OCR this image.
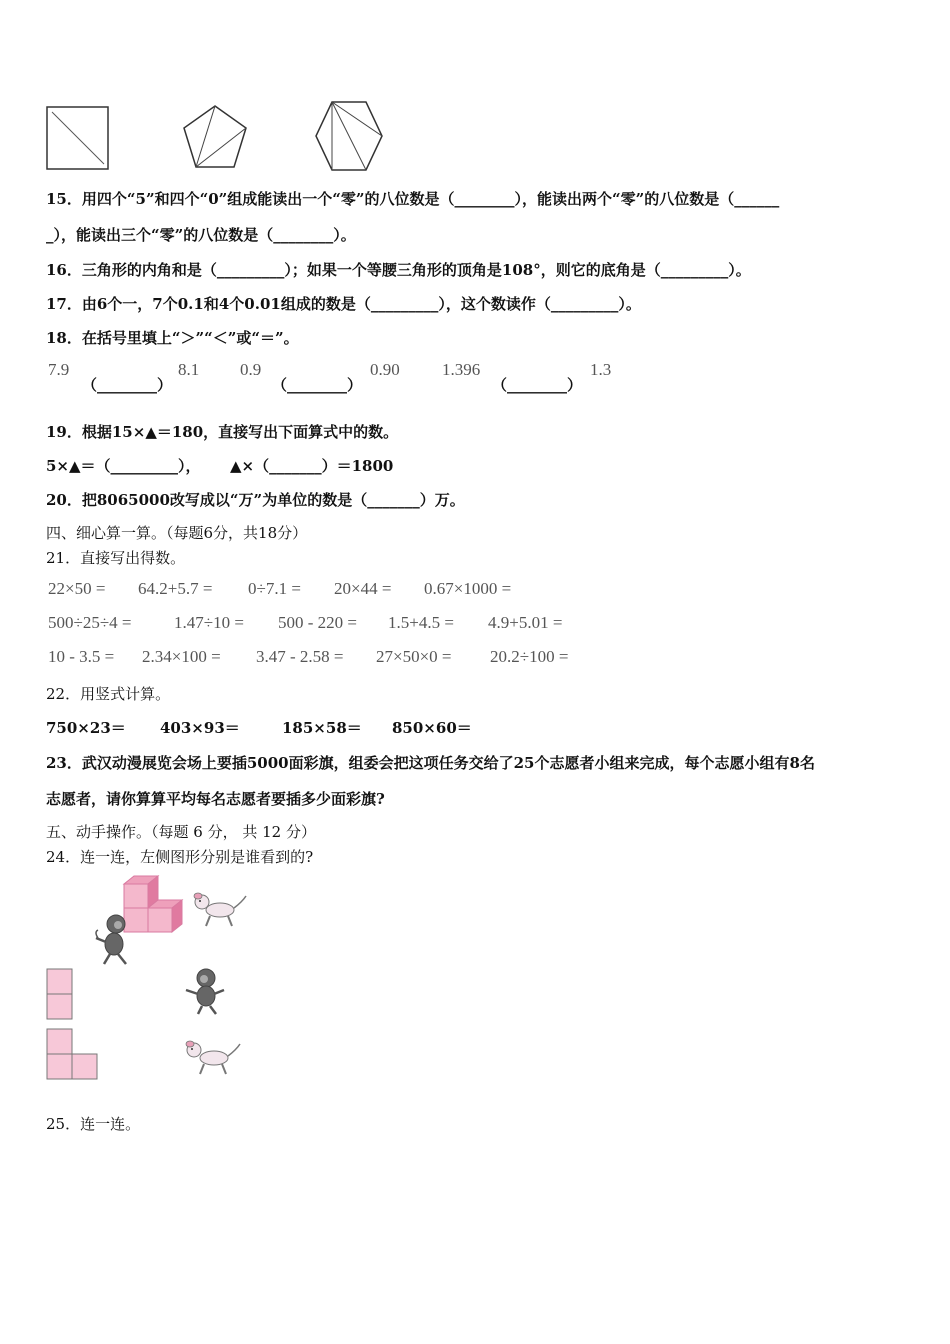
15．用四个“5”和四个“0”组成能读出一个“零”的八位数是（________），能读出两个“零”的八位数是（______
_），能读出三个“零”的八位数是（________）。
16．三角形的内角和是（_________）；如果一个等腰三角形的顶角是108°，则它的底角是（_________）。
17．由6个一，7个0.1和4个0.01组成的数是（_________），这个数读作（_________）。
18．在括号里填上“＞”“＜”或“＝”。
7.9
（________）
8.1 0.9
（________）
0.90 1.396
（________）
1.3
19．根据15×▲＝180，直接写出下面算式中的数。
5×▲＝（_________）， ▲×（_______）＝1800
20．把8065000改写成以“万”为单位的数是（_______）万。
四、细心算一算。（每题6分，共18分）
21．直接写出得数。
22×50 = 64.2+5.7 = 0÷7.1 = 20×44 = 0.67×1000 =
500÷25÷4 =	1.47÷10 = 500 - 220 = 1.5+4.5 = 4.9+5.01 =
10 - 3.5 = 2.34×100 = 3.47 - 2.58 = 27×50×0 = 20.2÷100 =
22．用竖式计算。
750×23＝ 403×93＝	185×58＝ 850×60＝
23．武汉动漫展览会场上要插5000面彩旗，组委会把这项任务交给了25个志愿者小组来完成，每个志愿小组有8名
志愿者，请你算算平均每名志愿者要插多少面彩旗?
五、动手操作。（每题 6 分， 共 12 分）
24．连一连，左侧图形分别是谁看到的?
25．连一连。
